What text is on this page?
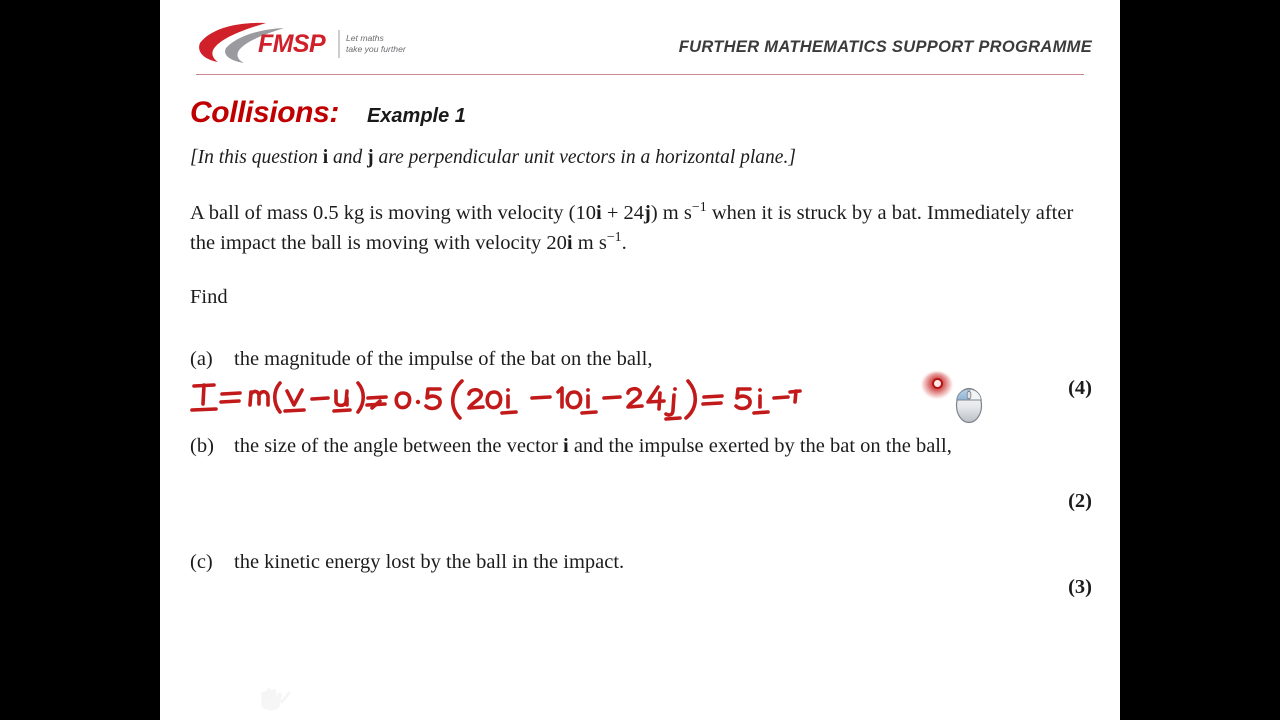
FMSP Let maths
take you further	FURTHER MATHEMATICS SUPPORT PROGRAMME
Collisions: Example 1
[In this question i and j are perpendicular unit vectors in a horizontal plane.]
A ball of mass 0.5 kg is moving with velocity (10i + 24j) m $s^{-1}$ when it is struck by a bat. Immediately after the impact the ball is moving with velocity 20i m $s^{-1}$.
Find
(a)	the magnitude of the impulse of the bat on the ball,
(4)
(b) the size of the angle between the vector i and the impulse exerted by the bat on the ball,
(2)
(c)	the kinetic energy lost by the ball in the impact.
(3)
